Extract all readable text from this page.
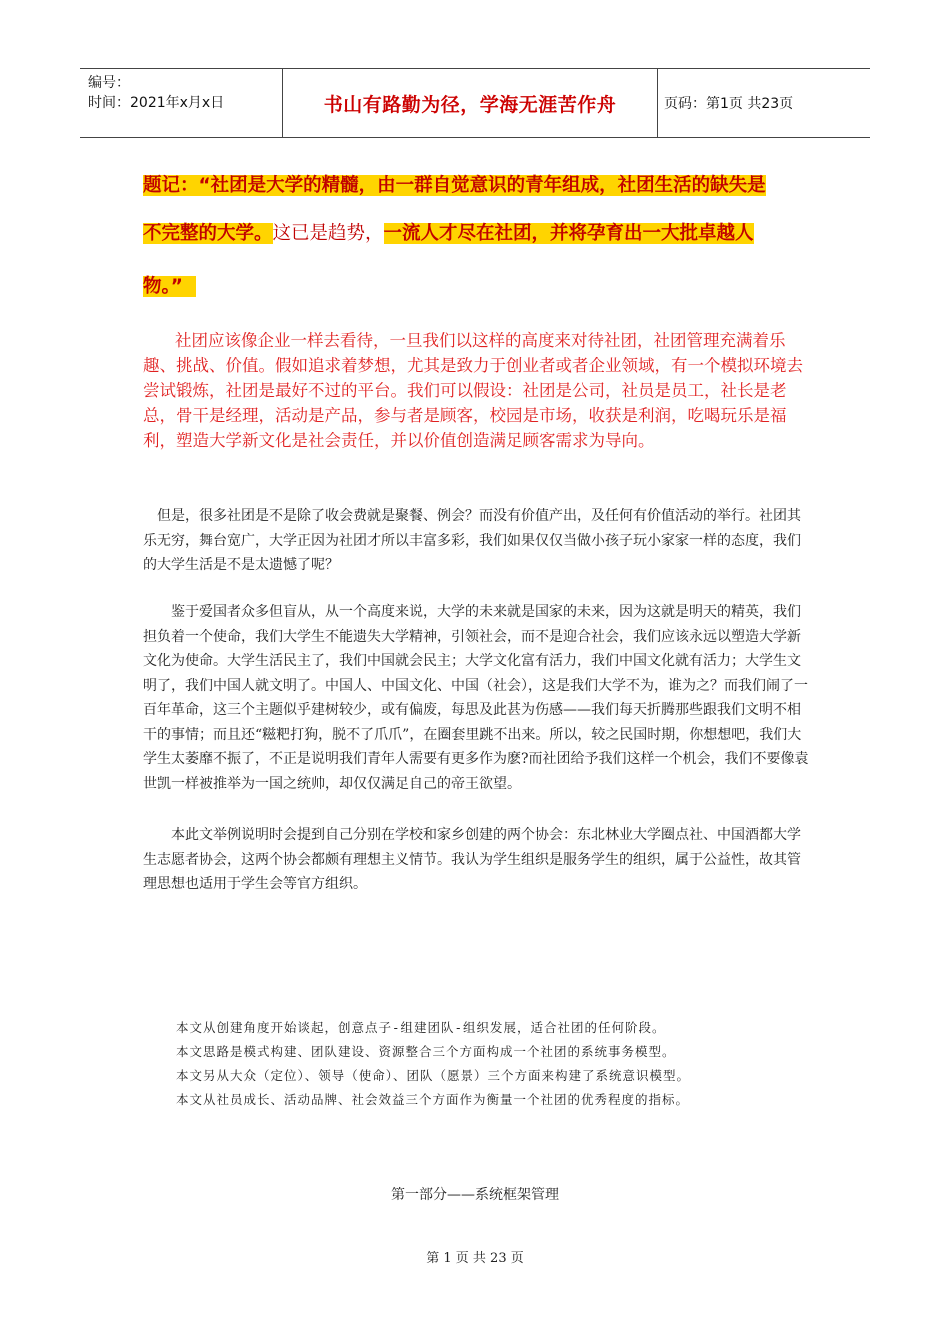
编号：
时间：2021年x月x日	书山有路勤为径，学海无涯苦作舟	页码：第1页 共23页
题记：“社团是大学的精髓，由一群自觉意识的青年组成，社团生活的缺失是
不完整的大学。这已是趋势，一流人才尽在社团，并将孕育出一大批卓越人
物。”
社团应该像企业一样去看待，一旦我们以这样的高度来对待社团，社团管理充满着乐趣、挑战、价值。假如追求着梦想，尤其是致力于创业者或者企业领域，有一个模拟环境去尝试锻炼，社团是最好不过的平台。我们可以假设：社团是公司，社员是员工，社长是老总，骨干是经理，活动是产品，参与者是顾客，校园是市场，收获是利润，吃喝玩乐是福利，塑造大学新文化是社会责任，并以价值创造满足顾客需求为导向。
但是，很多社团是不是除了收会费就是聚餐、例会？而没有价值产出，及任何有价值活动的举行。社团其乐无穷，舞台宽广，大学正因为社团才所以丰富多彩，我们如果仅仅当做小孩子玩小家家一样的态度，我们的大学生活是不是太遗憾了呢？
鉴于爱国者众多但盲从，从一个高度来说，大学的未来就是国家的未来，因为这就是明天的精英，我们担负着一个使命，我们大学生不能遗失大学精神，引领社会，而不是迎合社会，我们应该永远以塑造大学新文化为使命。大学生活民主了，我们中国就会民主；大学文化富有活力，我们中国文化就有活力；大学生文明了，我们中国人就文明了。中国人、中国文化、中国（社会），这是我们大学不为，谁为之？而我们闹了一百年革命，这三个主题似乎建树较少，或有偏废，每思及此甚为伤感——我们每天折腾那些跟我们文明不相干的事情；而且还“糍粑打狗，脱不了爪爪”，在圈套里跳不出来。所以，较之民国时期，你想想吧，我们大学生太萎靡不振了，不正是说明我们青年人需要有更多作为麽?而社团给予我们这样一个机会，我们不要像袁世凯一样被推举为一国之统帅，却仅仅满足自己的帝王欲望。
本此文举例说明时会提到自己分别在学校和家乡创建的两个协会：东北林业大学圈点社、中国酒都大学生志愿者协会，这两个协会都颇有理想主义情节。我认为学生组织是服务学生的组织，属于公益性，故其管理思想也适用于学生会等官方组织。
本文从创建角度开始谈起，创意点子-组建团队-组织发展，适合社团的任何阶段。
本文思路是模式构建、团队建设、资源整合三个方面构成一个社团的系统事务模型。
本文另从大众（定位）、领导（使命）、团队（愿景）三个方面来构建了系统意识模型。
本文从社员成长、活动品牌、社会效益三个方面作为衡量一个社团的优秀程度的指标。
第一部分——系统框架管理
第 1 页 共 23 页
